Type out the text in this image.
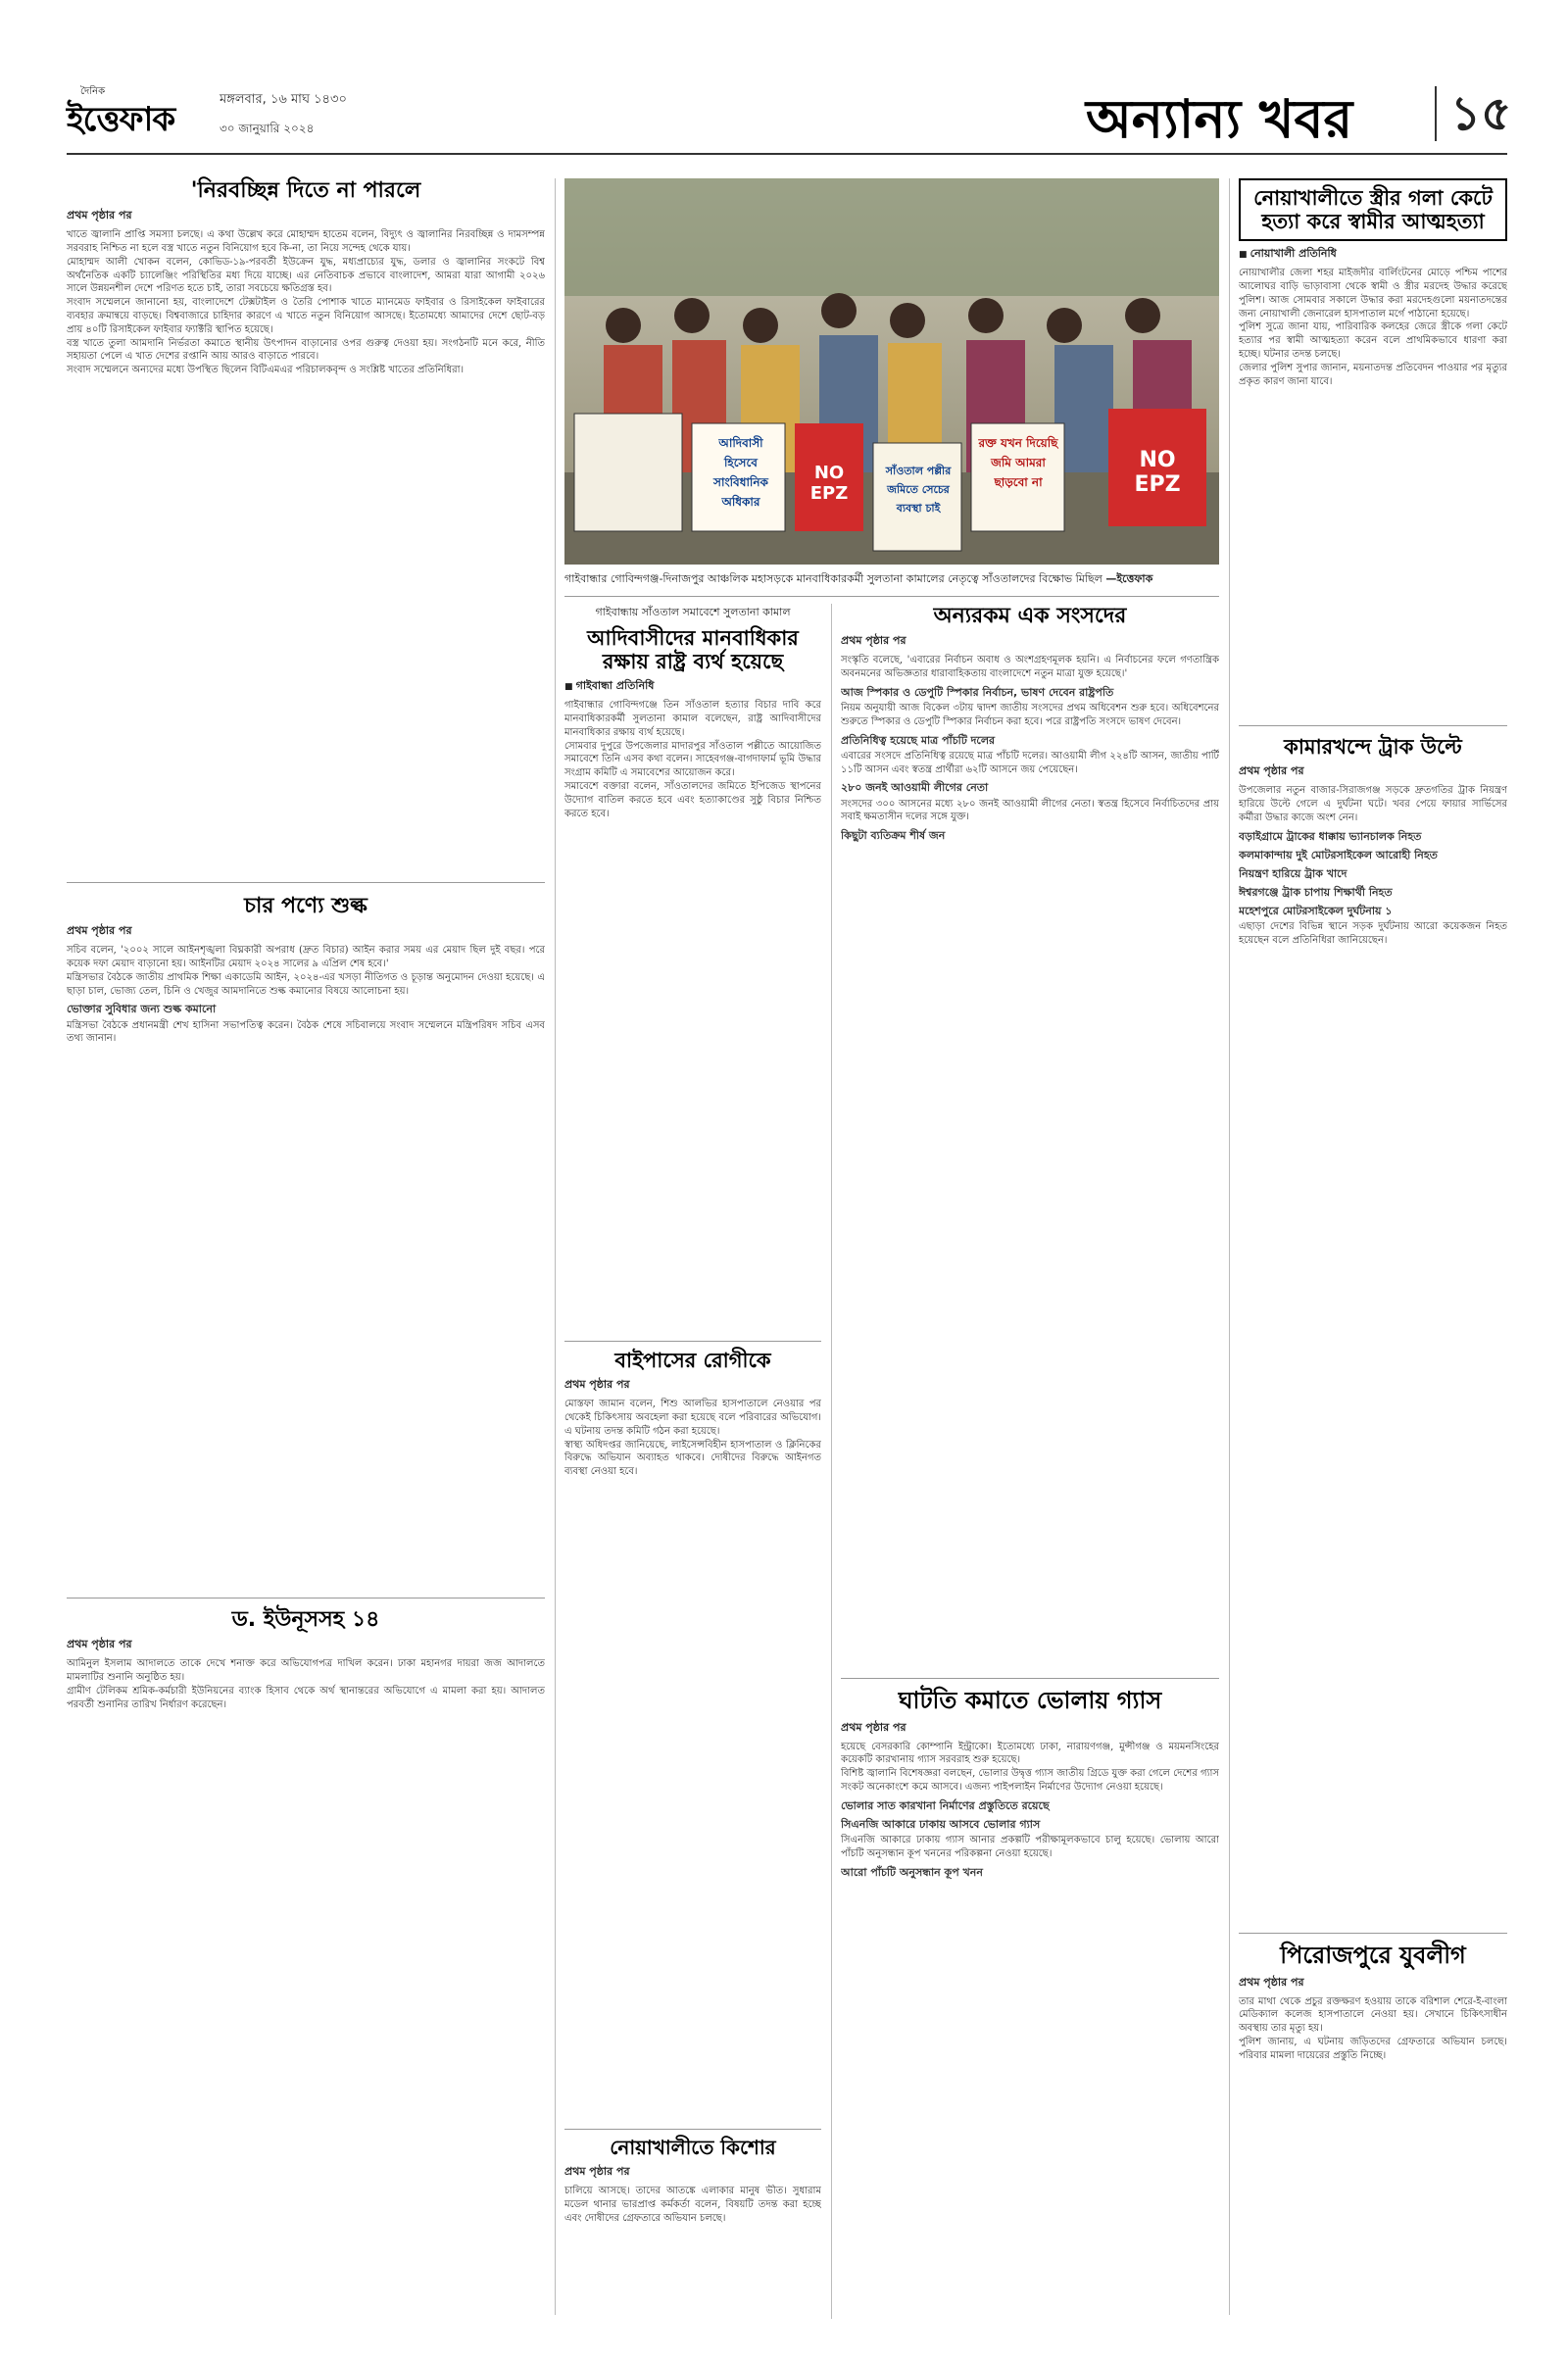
দৈনিক
ইত্তেফাক
মঙ্গলবার, ১৬ মাঘ ১৪৩০
৩০ জানুয়ারি ২০২৪	অন্যান্য খবর ১৫
'নিরবচ্ছিন্ন দিতে না পারলে
প্রথম পৃষ্ঠার পর
খাতে জ্বালানি প্রাপ্তি সমস্যা চলছে। এ কথা উল্লেখ করে মোহাম্মদ হাতেম বলেন, বিদ্যুৎ ও জ্বালানির নিরবচ্ছিন্ন ও দামসম্পন্ন সরবরাহ নিশ্চিত না হলে বস্ত্র খাতে নতুন বিনিয়োগ হবে কি-না, তা নিয়ে সন্দেহ থেকে যায়।
মোহাম্মদ আলী খোকন বলেন, কোভিড-১৯-পরবর্তী ইউক্রেন যুদ্ধ, মধ্যপ্রাচ্যের যুদ্ধ, ডলার ও জ্বালানির সংকটে বিশ্ব অর্থনৈতিক একটি চ্যালেঞ্জিং পরিস্থিতির মধ্য দিয়ে যাচ্ছে। এর নেতিবাচক প্রভাবে বাংলাদেশ, আমরা যারা আগামী ২০২৬ সালে উন্নয়নশীল দেশে পরিণত হতে চাই, তারা সবচেয়ে ক্ষতিগ্রস্ত হব।
সংবাদ সম্মেলনে জানানো হয়, বাংলাদেশে টেক্সটাইল ও তৈরি পোশাক খাতে ম্যানমেড ফাইবার ও রিসাইকেল ফাইবারের ব্যবহার ক্রমান্বয়ে বাড়ছে। বিশ্ববাজারে চাহিদার কারণে এ খাতে নতুন বিনিয়োগ আসছে। ইতোমধ্যে আমাদের দেশে ছোট-বড় প্রায় ৪০টি রিসাইকেল ফাইবার ফ্যাক্টরি স্থাপিত হয়েছে।
বস্ত্র খাতে তুলা আমদানি নির্ভরতা কমাতে স্থানীয় উৎপাদন বাড়ানোর ওপর গুরুত্ব দেওয়া হয়। সংগঠনটি মনে করে, নীতি সহায়তা পেলে এ খাত দেশের রপ্তানি আয় আরও বাড়াতে পারবে।
সংবাদ সম্মেলনে অন্যদের মধ্যে উপস্থিত ছিলেন বিটিএমএর পরিচালকবৃন্দ ও সংশ্লিষ্ট খাতের প্রতিনিধিরা।
চার পণ্যে শুল্ক
প্রথম পৃষ্ঠার পর
সচিব বলেন, '২০০২ সালে আইনশৃঙ্খলা বিঘ্নকারী অপরাধ (দ্রুত বিচার) আইন করার সময় এর মেয়াদ ছিল দুই বছর। পরে কয়েক দফা মেয়াদ বাড়ানো হয়। আইনটির মেয়াদ ২০২৪ সালের ৯ এপ্রিল শেষ হবে।'
মন্ত্রিসভার বৈঠকে জাতীয় প্রাথমিক শিক্ষা একাডেমি আইন, ২০২৪-এর খসড়া নীতিগত ও চূড়ান্ত অনুমোদন দেওয়া হয়েছে। এ ছাড়া চাল, ভোজ্য তেল, চিনি ও খেজুর আমদানিতে শুল্ক কমানোর বিষয়ে আলোচনা হয়।
ভোক্তার সুবিধার জন্য শুল্ক কমানো
মন্ত্রিসভা বৈঠকে প্রধানমন্ত্রী শেখ হাসিনা সভাপতিত্ব করেন। বৈঠক শেষে সচিবালয়ে সংবাদ সম্মেলনে মন্ত্রিপরিষদ সচিব এসব তথ্য জানান।
ড. ইউনূসসহ ১৪
প্রথম পৃষ্ঠার পর
আমিনুল ইসলাম আদালতে তাকে দেখে শনাক্ত করে অভিযোগপত্র দাখিল করেন। ঢাকা মহানগর দায়রা জজ আদালতে মামলাটির শুনানি অনুষ্ঠিত হয়।
গ্রামীণ টেলিকম শ্রমিক-কর্মচারী ইউনিয়নের ব্যাংক হিসাব থেকে অর্থ স্থানান্তরের অভিযোগে এ মামলা করা হয়। আদালত পরবর্তী শুনানির তারিখ নির্ধারণ করেছেন।
আদিবাসী হিসেবে সাংবিধানিক অধিকার
NO EPZ
রক্ত যখন দিয়েছি জমি আমরা ছাড়বো না
NO EPZ
সাঁওতাল পল্লীর জমিতে সেচের ব্যবস্থা চাই
গাইবান্ধার গোবিন্দগঞ্জ-দিনাজপুর আঞ্চলিক মহাসড়কে মানবাধিকারকর্মী সুলতানা কামালের নেতৃত্বে সাঁওতালদের বিক্ষোভ মিছিল —ইত্তেফাক
গাইবান্ধায় সাঁওতাল সমাবেশে সুলতানা কামাল
আদিবাসীদের মানবাধিকার রক্ষায় রাষ্ট্র ব্যর্থ হয়েছে
■ গাইবান্ধা প্রতিনিধি
গাইবান্ধার গোবিন্দগঞ্জে তিন সাঁওতাল হত্যার বিচার দাবি করে মানবাধিকারকর্মী সুলতানা কামাল বলেছেন, রাষ্ট্র আদিবাসীদের মানবাধিকার রক্ষায় ব্যর্থ হয়েছে।
সোমবার দুপুরে উপজেলার মাদারপুর সাঁওতাল পল্লীতে আয়োজিত সমাবেশে তিনি এসব কথা বলেন। সাহেবগঞ্জ-বাগদাফার্ম ভূমি উদ্ধার সংগ্রাম কমিটি এ সমাবেশের আয়োজন করে।
সমাবেশে বক্তারা বলেন, সাঁওতালদের জমিতে ইপিজেড স্থাপনের উদ্যোগ বাতিল করতে হবে এবং হত্যাকাণ্ডের সুষ্ঠু বিচার নিশ্চিত করতে হবে।
বাইপাসের রোগীকে
প্রথম পৃষ্ঠার পর
মোস্তফা জামান বলেন, শিশু আলভির হাসপাতালে নেওয়ার পর থেকেই চিকিৎসায় অবহেলা করা হয়েছে বলে পরিবারের অভিযোগ। এ ঘটনায় তদন্ত কমিটি গঠন করা হয়েছে।
স্বাস্থ্য অধিদপ্তর জানিয়েছে, লাইসেন্সবিহীন হাসপাতাল ও ক্লিনিকের বিরুদ্ধে অভিযান অব্যাহত থাকবে। দোষীদের বিরুদ্ধে আইনগত ব্যবস্থা নেওয়া হবে।
নোয়াখালীতে কিশোর
প্রথম পৃষ্ঠার পর
চালিয়ে আসছে। তাদের আতঙ্কে এলাকার মানুষ ভীত। সুধারাম মডেল থানার ভারপ্রাপ্ত কর্মকর্তা বলেন, বিষয়টি তদন্ত করা হচ্ছে এবং দোষীদের গ্রেফতারে অভিযান চলছে।
অন্যরকম এক সংসদের
প্রথম পৃষ্ঠার পর
সংস্কৃতি বলেছে, 'এবারের নির্বাচন অবাধ ও অংশগ্রহণমূলক হয়নি। এ নির্বাচনের ফলে গণতান্ত্রিক অবনমনের অভিজ্ঞতার ধারাবাহিকতায় বাংলাদেশে নতুন মাত্রা যুক্ত হয়েছে।'
আজ স্পিকার ও ডেপুটি স্পিকার নির্বাচন, ভাষণ দেবেন রাষ্ট্রপতি
নিয়ম অনুযায়ী আজ বিকেল ৩টায় দ্বাদশ জাতীয় সংসদের প্রথম অধিবেশন শুরু হবে। অধিবেশনের শুরুতে স্পিকার ও ডেপুটি স্পিকার নির্বাচন করা হবে। পরে রাষ্ট্রপতি সংসদে ভাষণ দেবেন।
প্রতিনিধিত্ব হয়েছে মাত্র পাঁচটি দলের
এবারের সংসদে প্রতিনিধিত্ব রয়েছে মাত্র পাঁচটি দলের। আওয়ামী লীগ ২২৪টি আসন, জাতীয় পার্টি ১১টি আসন এবং স্বতন্ত্র প্রার্থীরা ৬২টি আসনে জয় পেয়েছেন।
২৮০ জনই আওয়ামী লীগের নেতা
সংসদের ৩০০ আসনের মধ্যে ২৮০ জনই আওয়ামী লীগের নেতা। স্বতন্ত্র হিসেবে নির্বাচিতদের প্রায় সবাই ক্ষমতাসীন দলের সঙ্গে যুক্ত।
কিছুটা ব্যতিক্রম শীর্ষ জন
ঘাটতি কমাতে ভোলায় গ্যাস
প্রথম পৃষ্ঠার পর
হয়েছে বেসরকারি কোম্পানি ইন্ট্রাকো। ইতোমধ্যে ঢাকা, নারায়ণগঞ্জ, মুন্সীগঞ্জ ও ময়মনসিংহের কয়েকটি কারখানায় গ্যাস সরবরাহ শুরু হয়েছে।
বিশিষ্ট জ্বালানি বিশেষজ্ঞরা বলছেন, ভোলার উদ্বৃত্ত গ্যাস জাতীয় গ্রিডে যুক্ত করা গেলে দেশের গ্যাস সংকট অনেকাংশে কমে আসবে। এজন্য পাইপলাইন নির্মাণের উদ্যোগ নেওয়া হয়েছে।
ভোলার সাত কারখানা নির্মাণের প্রস্তুতিতে রয়েছে
সিএনজি আকারে ঢাকায় আসবে ভোলার গ্যাস
সিএনজি আকারে ঢাকায় গ্যাস আনার প্রকল্পটি পরীক্ষামূলকভাবে চালু হয়েছে। ভোলায় আরো পাঁচটি অনুসন্ধান কূপ খননের পরিকল্পনা নেওয়া হয়েছে।
আরো পাঁচটি অনুসন্ধান কূপ খনন
নোয়াখালীতে স্ত্রীর গলা কেটে হত্যা করে স্বামীর আত্মহত্যা
■ নোয়াখালী প্রতিনিধি
নোয়াখালীর জেলা শহর মাইজদীর বার্লিংটনের মোড়ে পশ্চিম পাশের আলোঘর বাড়ি ভাড়াবাসা থেকে স্বামী ও স্ত্রীর মরদেহ উদ্ধার করেছে পুলিশ। আজ সোমবার সকালে উদ্ধার করা মরদেহগুলো ময়নাতদন্তের জন্য নোয়াখালী জেনারেল হাসপাতাল মর্গে পাঠানো হয়েছে।
পুলিশ সুত্রে জানা যায়, পারিবারিক কলহের জেরে স্ত্রীকে গলা কেটে হত্যার পর স্বামী আত্মহত্যা করেন বলে প্রাথমিকভাবে ধারণা করা হচ্ছে। ঘটনার তদন্ত চলছে।
জেলার পুলিশ সুপার জানান, ময়নাতদন্ত প্রতিবেদন পাওয়ার পর মৃত্যুর প্রকৃত কারণ জানা যাবে।
কামারখন্দে ট্রাক উল্টে
প্রথম পৃষ্ঠার পর
উপজেলার নতুন বাজার-সিরাজগঞ্জ সড়কে দ্রুতগতির ট্রাক নিয়ন্ত্রণ হারিয়ে উল্টে গেলে এ দুর্ঘটনা ঘটে। খবর পেয়ে ফায়ার সার্ভিসের কর্মীরা উদ্ধার কাজে অংশ নেন।
বড়াইগ্রামে ট্রাকের ধাক্কায় ভ্যানচালক নিহত
কলমাকান্দায় দুই মোটরসাইকেল আরোহী নিহত
নিয়ন্ত্রণ হারিয়ে ট্রাক খাদে
ঈশ্বরগঞ্জে ট্রাক চাপায় শিক্ষার্থী নিহত
মহেশপুরে মোটরসাইকেল দুর্ঘটনায় ১
এছাড়া দেশের বিভিন্ন স্থানে সড়ক দুর্ঘটনায় আরো কয়েকজন নিহত হয়েছেন বলে প্রতিনিধিরা জানিয়েছেন।
পিরোজপুরে যুবলীগ
প্রথম পৃষ্ঠার পর
তার মাথা থেকে প্রচুর রক্তক্ষরণ হওয়ায় তাকে বরিশাল শেরে-ই-বাংলা মেডিক্যাল কলেজ হাসপাতালে নেওয়া হয়। সেখানে চিকিৎসাধীন অবস্থায় তার মৃত্যু হয়।
পুলিশ জানায়, এ ঘটনায় জড়িতদের গ্রেফতারে অভিযান চলছে। পরিবার মামলা দায়েরের প্রস্তুতি নিচ্ছে।
